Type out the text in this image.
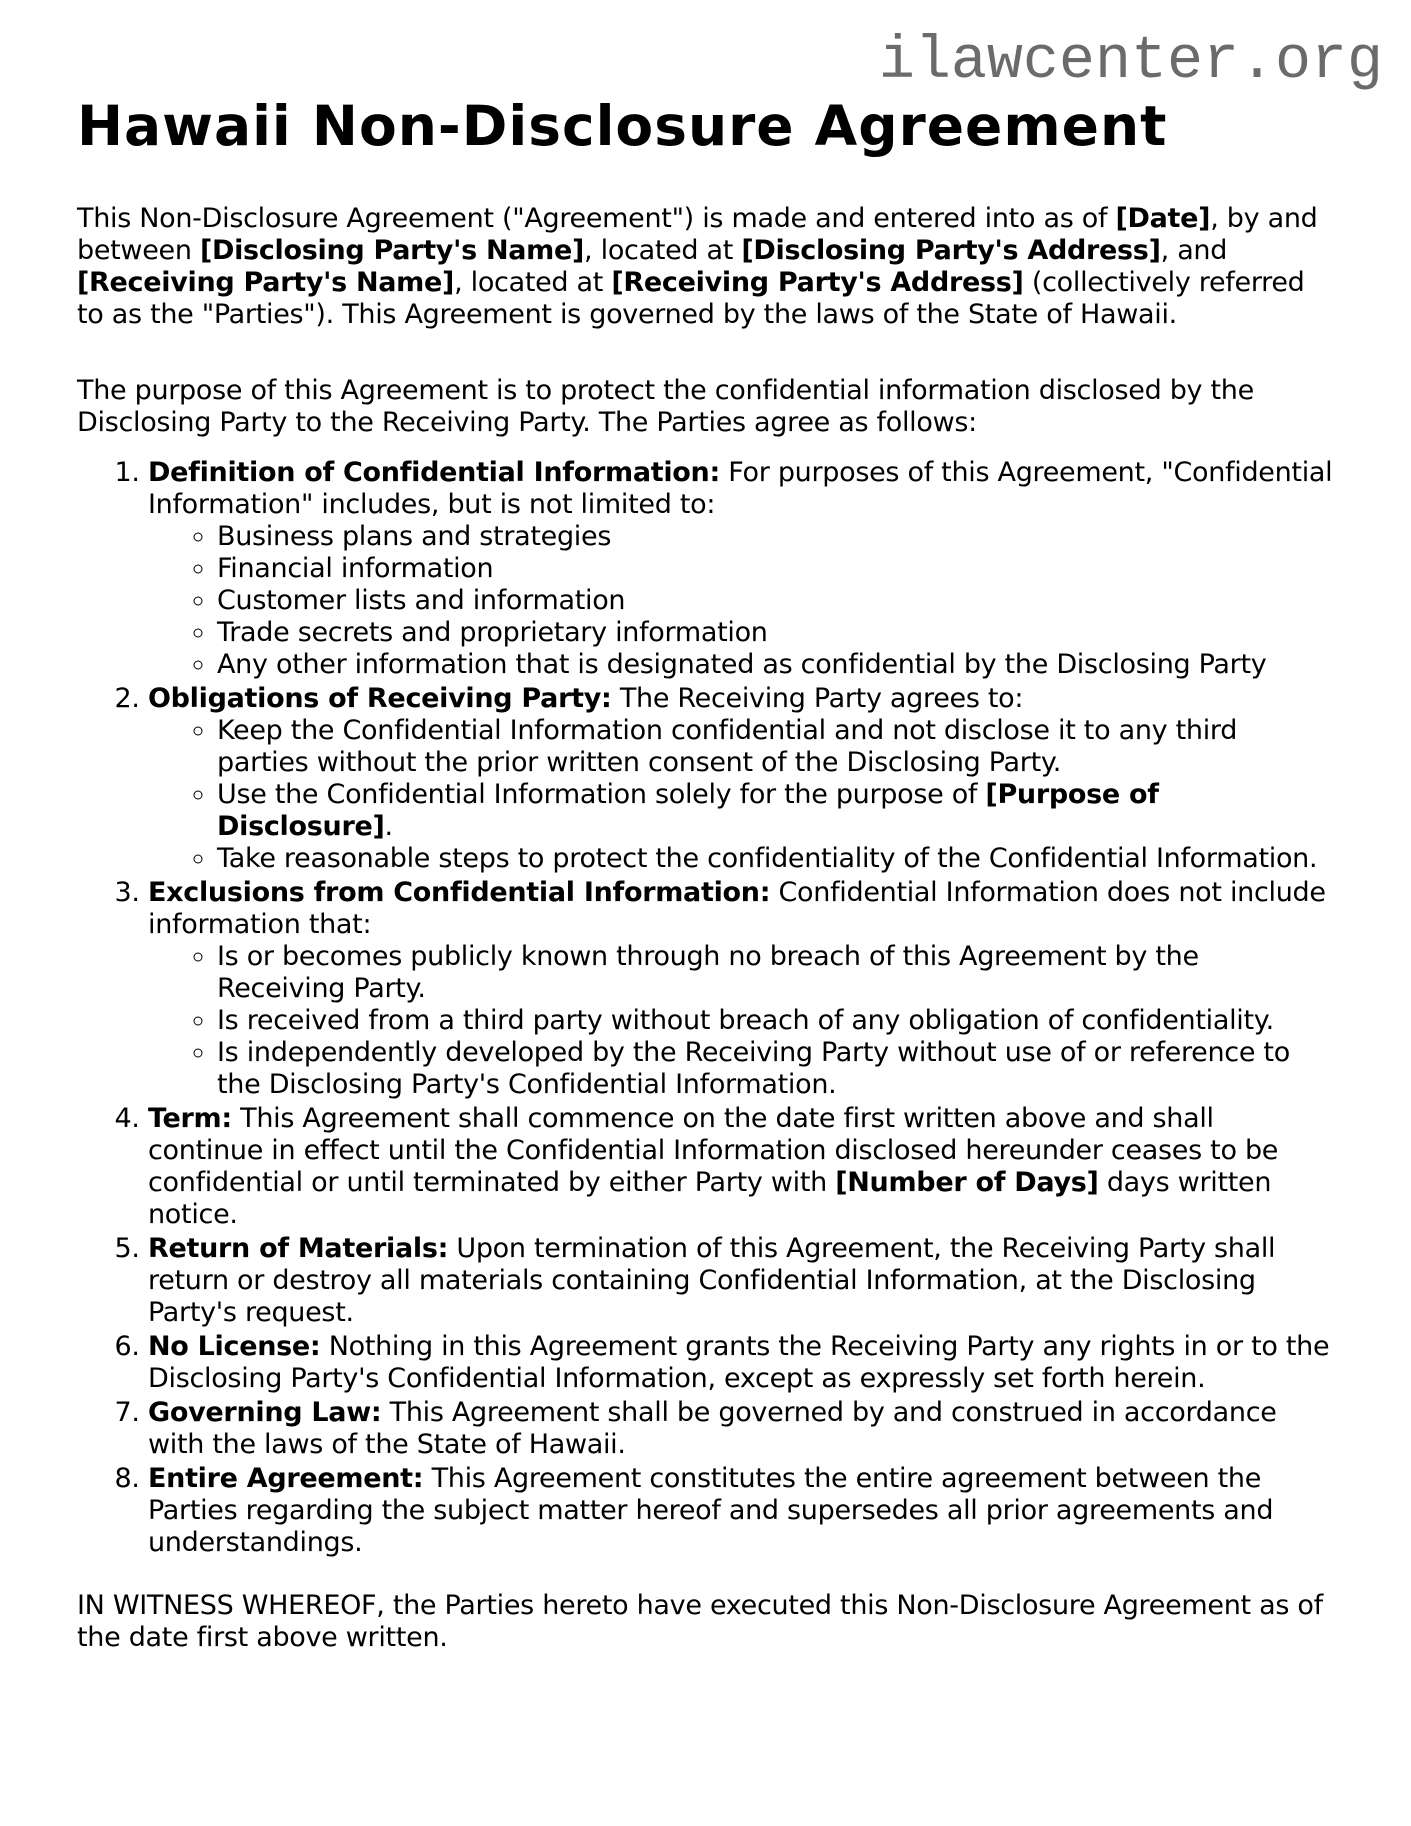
ilawcenter.org
Hawaii Non-Disclosure Agreement

This Non-Disclosure Agreement ("Agreement") is made and entered into as of [Date], by and between [Disclosing Party's Name], located at [Disclosing Party's Address], and [Receiving Party's Name], located at [Receiving Party's Address] (collectively referred to as the "Parties"). This Agreement is governed by the laws of the State of Hawaii.

The purpose of this Agreement is to protect the confidential information disclosed by the Disclosing Party to the Receiving Party. The Parties agree as follows:

1. Definition of Confidential Information: For purposes of this Agreement, "Confidential Information" includes, but is not limited to:
◦ Business plans and strategies
◦ Financial information
◦ Customer lists and information
◦ Trade secrets and proprietary information
◦ Any other information that is designated as confidential by the Disclosing Party
2. Obligations of Receiving Party: The Receiving Party agrees to:
◦ Keep the Confidential Information confidential and not disclose it to any third parties without the prior written consent of the Disclosing Party.
◦ Use the Confidential Information solely for the purpose of [Purpose of Disclosure].
◦ Take reasonable steps to protect the confidentiality of the Confidential Information.
3. Exclusions from Confidential Information: Confidential Information does not include information that:
◦ Is or becomes publicly known through no breach of this Agreement by the Receiving Party.
◦ Is received from a third party without breach of any obligation of confidentiality.
◦ Is independently developed by the Receiving Party without use of or reference to the Disclosing Party's Confidential Information.
4. Term: This Agreement shall commence on the date first written above and shall continue in effect until the Confidential Information disclosed hereunder ceases to be confidential or until terminated by either Party with [Number of Days] days written notice.
5. Return of Materials: Upon termination of this Agreement, the Receiving Party shall return or destroy all materials containing Confidential Information, at the Disclosing Party's request.
6. No License: Nothing in this Agreement grants the Receiving Party any rights in or to the Disclosing Party's Confidential Information, except as expressly set forth herein.
7. Governing Law: This Agreement shall be governed by and construed in accordance with the laws of the State of Hawaii.
8. Entire Agreement: This Agreement constitutes the entire agreement between the Parties regarding the subject matter hereof and supersedes all prior agreements and understandings.

IN WITNESS WHEREOF, the Parties hereto have executed this Non-Disclosure Agreement as of the date first above written.
